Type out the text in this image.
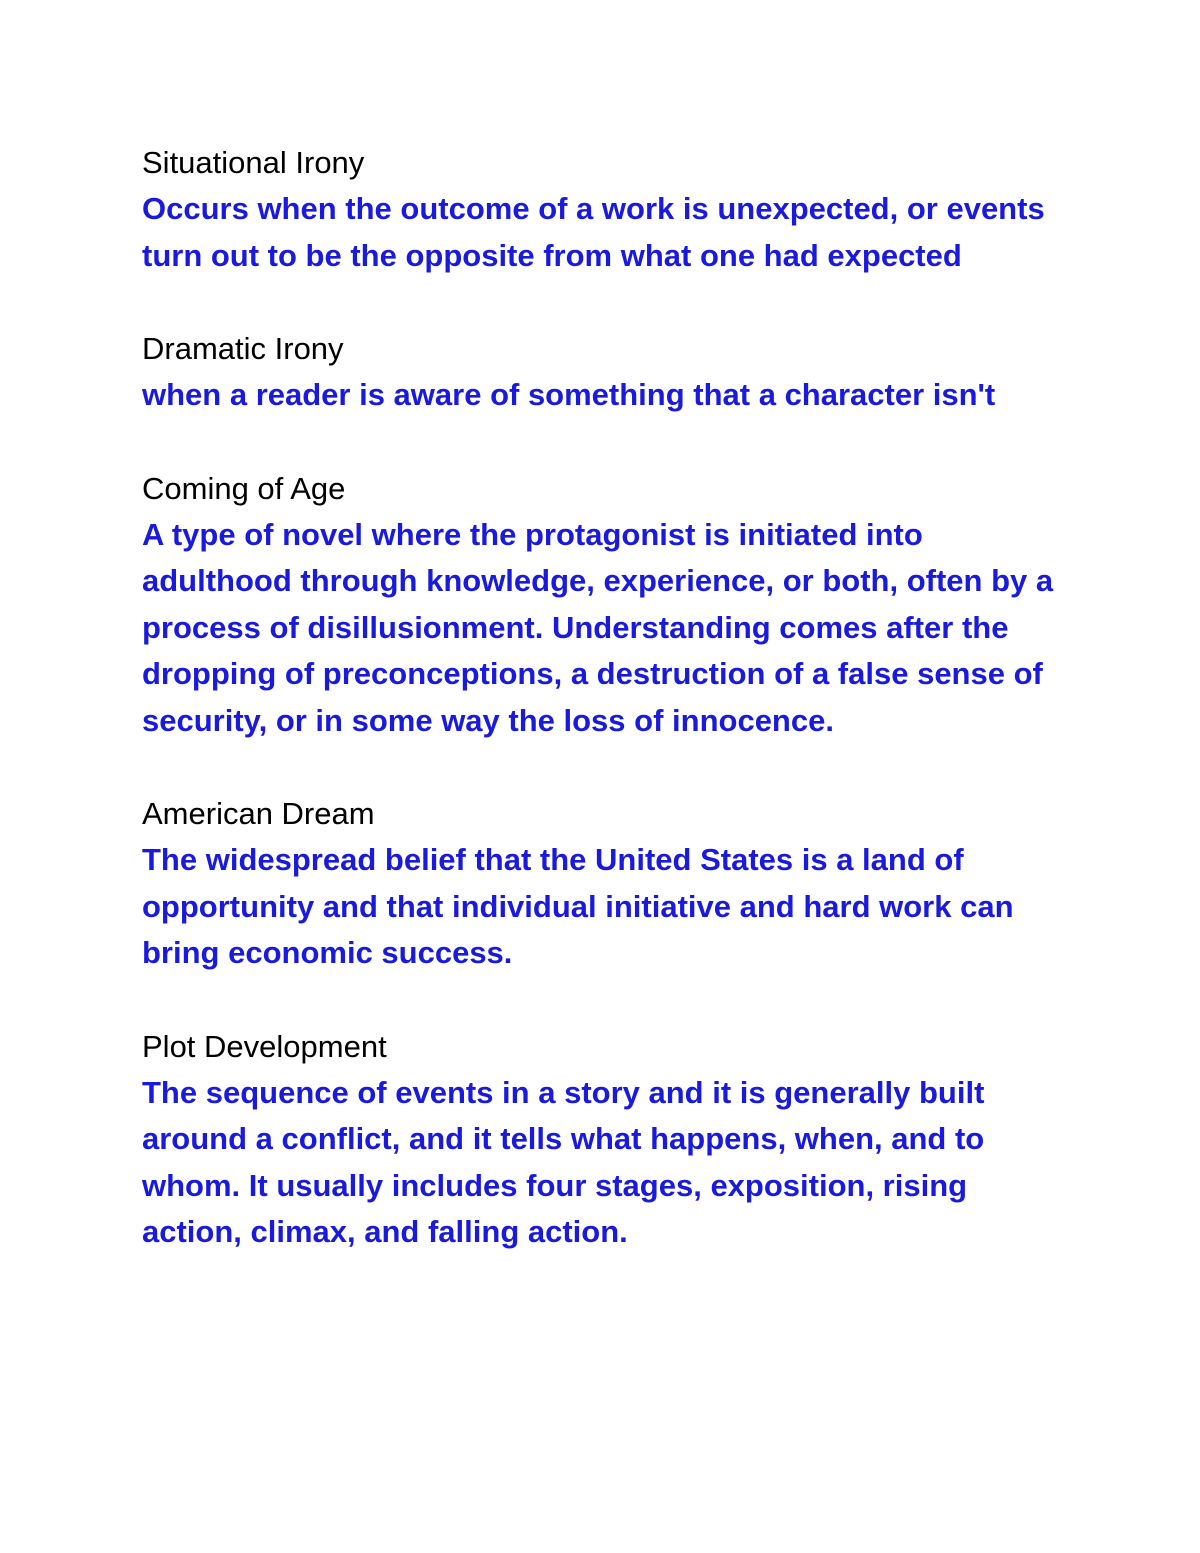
Situational Irony

Occurs when the outcome of a work is unexpected, or events turn out to be the opposite from what one had expected

Dramatic Irony

when a reader is aware of something that a character isn't

Coming of Age

A type of novel where the protagonist is initiated into adulthood through knowledge, experience, or both, often by a process of disillusionment. Understanding comes after the dropping of preconceptions, a destruction of a false sense of security, or in some way the loss of innocence.

American Dream

The widespread belief that the United States is a land of opportunity and that individual initiative and hard work can bring economic success.

Plot Development

The sequence of events in a story and it is generally built around a conflict, and it tells what happens, when, and to whom. It usually includes four stages, exposition, rising action, climax, and falling action.
